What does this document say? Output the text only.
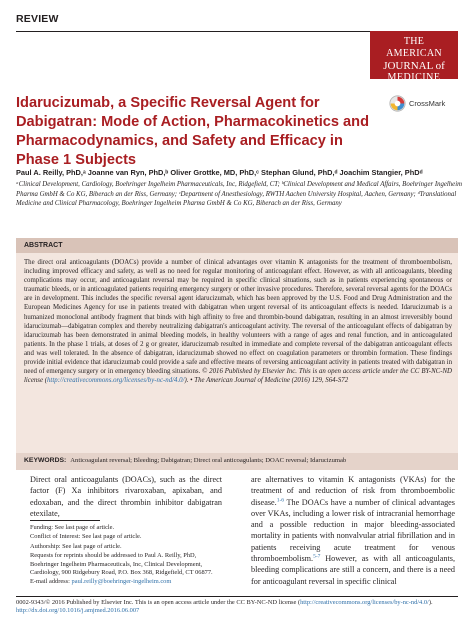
REVIEW
THE AMERICAN
JOURNAL of
MEDICINE
CrossMark
Idarucizumab, a Specific Reversal Agent for Dabigatran: Mode of Action, Pharmacokinetics and Pharmacodynamics, and Safety and Efficacy in Phase 1 Subjects
Paul A. Reilly, PhD,ᵃ Joanne van Ryn, PhD,ᵇ Oliver Grottke, MD, PhD,ᶜ Stephan Glund, PhD,ᵈ Joachim Stangier, PhDᵈ
ᵃClinical Development, Cardiology, Boehringer Ingelheim Pharmaceuticals, Inc, Ridgefield, CT; ᵇClinical Development and Medical Affairs, Boehringer Ingelheim Pharma GmbH & Co KG, Biberach an der Riss, Germany; ᶜDepartment of Anesthesiology, RWTH Aachen University Hospital, Aachen, Germany; ᵈTranslational Medicine and Clinical Pharmacology, Boehringer Ingelheim Pharma GmbH & Co KG, Biberach an der Riss, Germany
ABSTRACT
The direct oral anticoagulants (DOACs) provide a number of clinical advantages over vitamin K antagonists for the treatment of thromboembolism, including improved efficacy and safety, as well as no need for regular monitoring of anticoagulant effect. However, as with all anticoagulants, bleeding complications may occur, and anticoagulant reversal may be required in specific clinical situations, such as in patients experiencing spontaneous or traumatic bleeds, or in anticoagulated patients requiring emergency surgery or other invasive procedures. Therefore, several reversal agents for the DOACs are in development. This includes the specific reversal agent idarucizumab, which has been approved by the U.S. Food and Drug Administration and the European Medicines Agency for use in patients treated with dabigatran when urgent reversal of its anticoagulant effects is needed. Idarucizumab is a humanized monoclonal antibody fragment that binds with high affinity to free and thrombin-bound dabigatran, resulting in an almost irreversibly bound idarucizumab—dabigatran complex and thereby neutralizing dabigatran's anticoagulant activity. The reversal of the anticoagulant effects of dabigatran by idarucizumab has been demonstrated in animal bleeding models, in healthy volunteers with a range of ages and renal function, and in anticoagulated patients. In the phase 1 trials, at doses of 2 g or greater, idarucizumab resulted in immediate and complete reversal of the dabigatran anticoagulant effects and was well tolerated. In the absence of dabigatran, idarucizumab showed no effect on coagulation parameters or thrombin formation. These findings provide initial evidence that idarucizumab could provide a safe and effective means of reversing anticoagulant activity in patients treated with dabigatran in need of emergency surgery or in emergency bleeding situations. © 2016 Published by Elsevier Inc. This is an open access article under the CC BY-NC-ND license (http://creativecommons.org/licenses/by-nc-nd/4.0/). • The American Journal of Medicine (2016) 129, S64-S72
KEYWORDS: Anticoagulant reversal; Bleeding; Dabigatran; Direct oral anticoagulants; DOAC reversal; Idarucizumab

Direct oral anticoagulants (DOACs), such as the direct factor (F) Xa inhibitors rivaroxaban, apixaban, and edoxaban, and the direct thrombin inhibitor dabigatran etexilate,

Funding: See last page of article.

Conflict of Interest: See last page of article.

Authorship: See last page of article.

Requests for reprints should be addressed to Paul A. Reilly, PhD, Boehringer Ingelheim Pharmaceuticals, Inc, Clinical Development, Cardiology, 900 Ridgebury Road, P.O. Box 368, Ridgefield, CT 06877.

E-mail address: paul.reilly@boehringer-ingelheim.com

are alternatives to vitamin K antagonists (VKAs) for the treatment of and reduction of risk from thromboembolic disease.$^{1-6}$ The DOACs have a number of clinical advantages over VKAs, including a lower risk of intracranial hemorrhage and a possible reduction in major bleeding-associated mortality in patients with nonvalvular atrial fibrillation and in patients receiving acute treatment for venous thromboembolism.$^{5-7}$ However, as with all anticoagulants, bleeding complications are still a concern, and there is a need for anticoagulant reversal in specific clinical

0002-9343/© 2016 Published by Elsevier Inc. This is an open access article under the CC BY-NC-ND license (http://creativecommons.org/licenses/by-nc-nd/4.0/).
http://dx.doi.org/10.1016/j.amjmed.2016.06.007
